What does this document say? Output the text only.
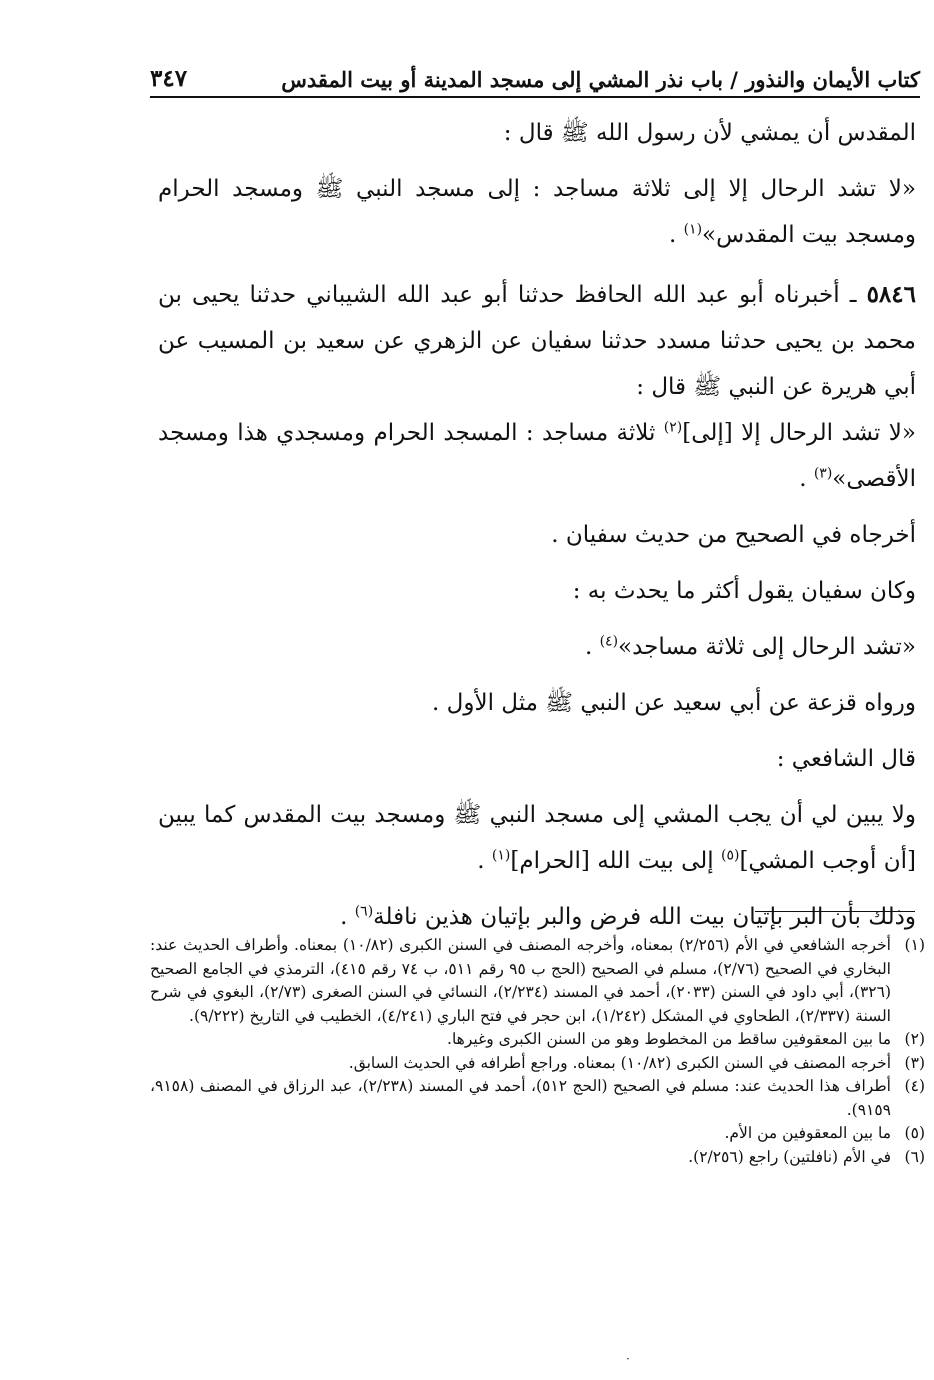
كتاب الأيمان والنذور / باب نذر المشي إلى مسجد المدينة أو بيت المقدس
٣٤٧

المقدس أن يمشي لأن رسول الله ﷺ قال :

«لا تشد الرحال إلا إلى ثلاثة مساجد : إلى مسجد النبي ﷺ ومسجد الحرام ومسجد بيت المقدس»$^{(١)}$ .

٥٨٤٦ ـ أخبرناه أبو عبد الله الحافظ حدثنا أبو عبد الله الشيباني حدثنا يحيى بن محمد بن يحيى حدثنا مسدد حدثنا سفيان عن الزهري عن سعيد بن المسيب عن أبي هريرة عن النبي ﷺ قال :

«لا تشد الرحال إلا [إلى]$^{(٢)}$ ثلاثة مساجد : المسجد الحرام ومسجدي هذا ومسجد الأقصى»$^{(٣)}$ .

أخرجاه في الصحيح من حديث سفيان .

وكان سفيان يقول أكثر ما يحدث به :

«تشد الرحال إلى ثلاثة مساجد»$^{(٤)}$ .

ورواه قزعة عن أبي سعيد عن النبي ﷺ مثل الأول .

قال الشافعي :

ولا يبين لي أن يجب المشي إلى مسجد النبي ﷺ ومسجد بيت المقدس كما يبين [أن أوجب المشي]$^{(٥)}$ إلى بيت الله [الحرام]$^{(١)}$ .

وذلك بأن البر بإتيان بيت الله فرض والبر بإتيان هذين نافلة$^{(٦)}$ .

(١)
أخرجه الشافعي في الأم (٢/٢٥٦) بمعناه، وأخرجه المصنف في السنن الكبرى (١٠/٨٢) بمعناه. وأطراف الحديث عند: البخاري في الصحيح (٢/٧٦)، مسلم في الصحيح (الحج ب ٩٥ رقم ٥١١، ب ٧٤ رقم ٤١٥)، الترمذي في الجامع الصحيح (٣٢٦)، أبي داود في السنن (٢٠٣٣)، أحمد في المسند (٢/٢٣٤)، النسائي في السنن الصغرى (٢/٧٣)، البغوي في شرح السنة (٢/٣٣٧)، الطحاوي في المشكل (١/٢٤٢)، ابن حجر في فتح الباري (٤/٢٤١)، الخطيب في التاريخ (٩/٢٢٢).
(٢)
ما بين المعقوفين ساقط من المخطوط وهو من السنن الكبرى وغيرها.
(٣)
أخرجه المصنف في السنن الكبرى (١٠/٨٢) بمعناه. وراجع أطرافه في الحديث السابق.
(٤)
أطراف هذا الحديث عند: مسلم في الصحيح (الحج ٥١٢)، أحمد في المسند (٢/٢٣٨)، عبد الرزاق في المصنف (٩١٥٨، ٩١٥٩).
(٥)
ما بين المعقوفين من الأم.
(٦)
في الأم (نافلتين) راجع (٢/٢٥٦).
·
